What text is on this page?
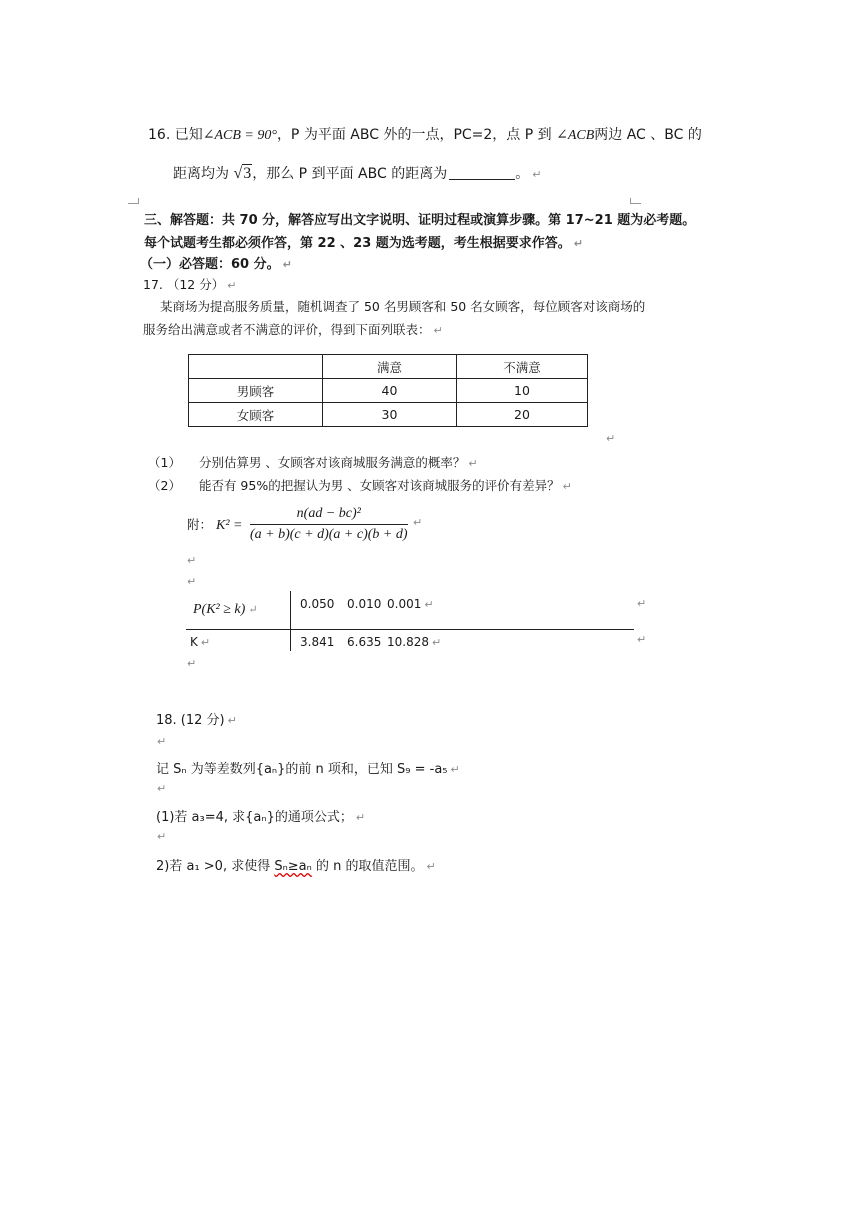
16. 已知∠ACB = 90°，P 为平面 ABC 外的一点，PC=2，点 P 到 ∠ACB两边 AC 、BC 的
距离均为 √3，那么 P 到平面 ABC 的距离为	。 ↵
三、解答题：共 70 分，解答应写出文字说明、证明过程或演算步骤。第 17~21 题为必考题。
每个试题考生都必须作答，第 22 、23 题为选考题，考生根据要求作答。 ↵
（一）必答题：60 分。 ↵
17. （12 分） ↵
某商场为提高服务质量，随机调查了 50 名男顾客和 50 名女顾客，每位顾客对该商场的
服务给出满意或者不满意的评价，得到下面列联表： ↵
	满意	不满意
男顾客	40	10
女顾客	30	20
↵
（1） 分别估算男 、女顾客对该商城服务满意的概率？ ↵
（2） 能否有 95%的把握认为男 、女顾客对该商城服务的评价有差异？ ↵
附： $K^2 = \frac{\text{n(ad − bc)²}}{(a + b)(c + d)(a + c)(b + d)}$ ↵
↵
↵
P(K² ≥ k) ↵	0.050 0.010 0.001 ↵	↵
K ↵	3.841 6.635 10.828 ↵	↵
↵
18. (12 分) ↵
↵
记 Sₙ 为等差数列{aₙ}的前 n 项和，已知 S₉ = -a₅ ↵
↵
(1)若 a₃=4, 求{aₙ}的通项公式； ↵
↵
2)若 a₁ >0, 求使得 Sₙ≥aₙ 的 n 的取值范围。 ↵
